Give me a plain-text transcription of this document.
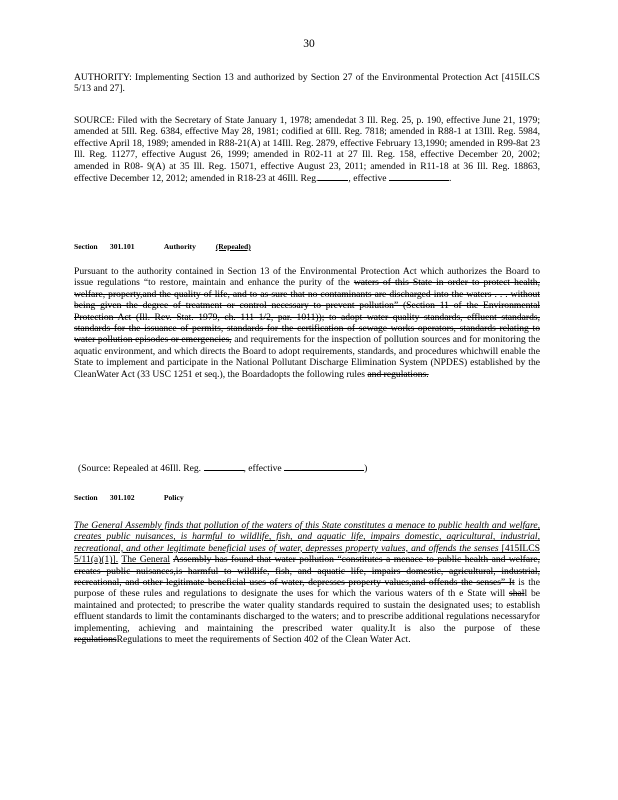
30
AUTHORITY: Implementing Section 13 and authorized by Section 27 of the Environmental Protection Act [415ILCS 5/13 and 27].
SOURCE: Filed with the Secretary of State January 1, 1978; amendedat 3 Ill. Reg. 25, p. 190, effective June 21, 1979; amended at 5Ill. Reg. 6384, effective May 28, 1981; codified at 6Ill. Reg. 7818; amended in R88-1 at 13Ill. Reg. 5984, effective April 18, 1989; amended in R88-21(A) at 14Ill. Reg. 2879, effective February 13,1990; amended in R99-8at 23 Ill. Reg. 11277, effective August 26, 1999; amended in R02-11 at 27 Ill. Reg. 158, effective December 20, 2002; amended in R08- 9(A) at 35 Ill. Reg. 15071, effective August 23, 2011; amended in R11-18 at 36 Ill. Reg. 18863, effective December 12, 2012; amended in R18-23 at 46Ill. Reg.	, effective	.
Section 301.101	Authority	(Repealed)
Pursuant to the authority contained in Section 13 of the Environmental Protection Act which authorizes the Board to issue regulations “to restore, maintain and enhance the purity of the waters of this State in order to protect health, welfare, property,and the quality of life, and to as-sure that no contaminants are discharged into the waters . . . without being given the degree of treatment or control necessary to prevent pollution” (Section 11 of the Environmental Protection Act (Ill. Rev. Stat. 1979, ch. 111 1/2, par. 1011)); to adopt water quality standards, effluent standards, standards for the issuance of permits, standards for the certification of sewage works operators, standards relating to water pollution episodes or emergencies, and requirements for the inspection of pollution sources and for monitoring the aquatic environment, and which directs the Board to adopt requirements, standards, and procedures whichwill enable the State to implement and participate in the National Pollutant Discharge Elimination System (NPDES) established by the CleanWater Act (33 USC 1251 et seq.), the Boardadopts the following rules and regulations.
(Source: Repealed at 46Ill. Reg.	, effective	)
Section 301.102	Policy
The General Assembly finds that pollution of the waters of this State constitutes a menace to public health and welfare, creates public nuisances, is harmful to wildlife, fish, and aquatic life, impairs domestic, agricultural, industrial, recreational, and other legitimate beneficial uses of water, depresses property values, and offends the senses [415ILCS 5/11(a)(1)]. The General Assembly has found that water pollution “constitutes a menace to public health and welfare, creates public nuisances,is harmful to wildlife, fish, and aquatic life, impairs domestic, agricultural, industrial, recreational, and other legitimate beneficial uses of water, depresses property values,and offends the senses” It is the purpose of these rules and regulations to designate the uses for which the various waters of th e State will shall be maintained and protected; to prescribe the water quality standards required to sustain the designated uses; to establish effluent standards to limit the contaminants discharged to the waters; and to prescribe additional regulations necessaryfor implementing, achieving and maintaining the prescribed water quality.It is also the purpose of these regulationsRegulations to meet the requirements of Section 402 of the Clean Water Act.
